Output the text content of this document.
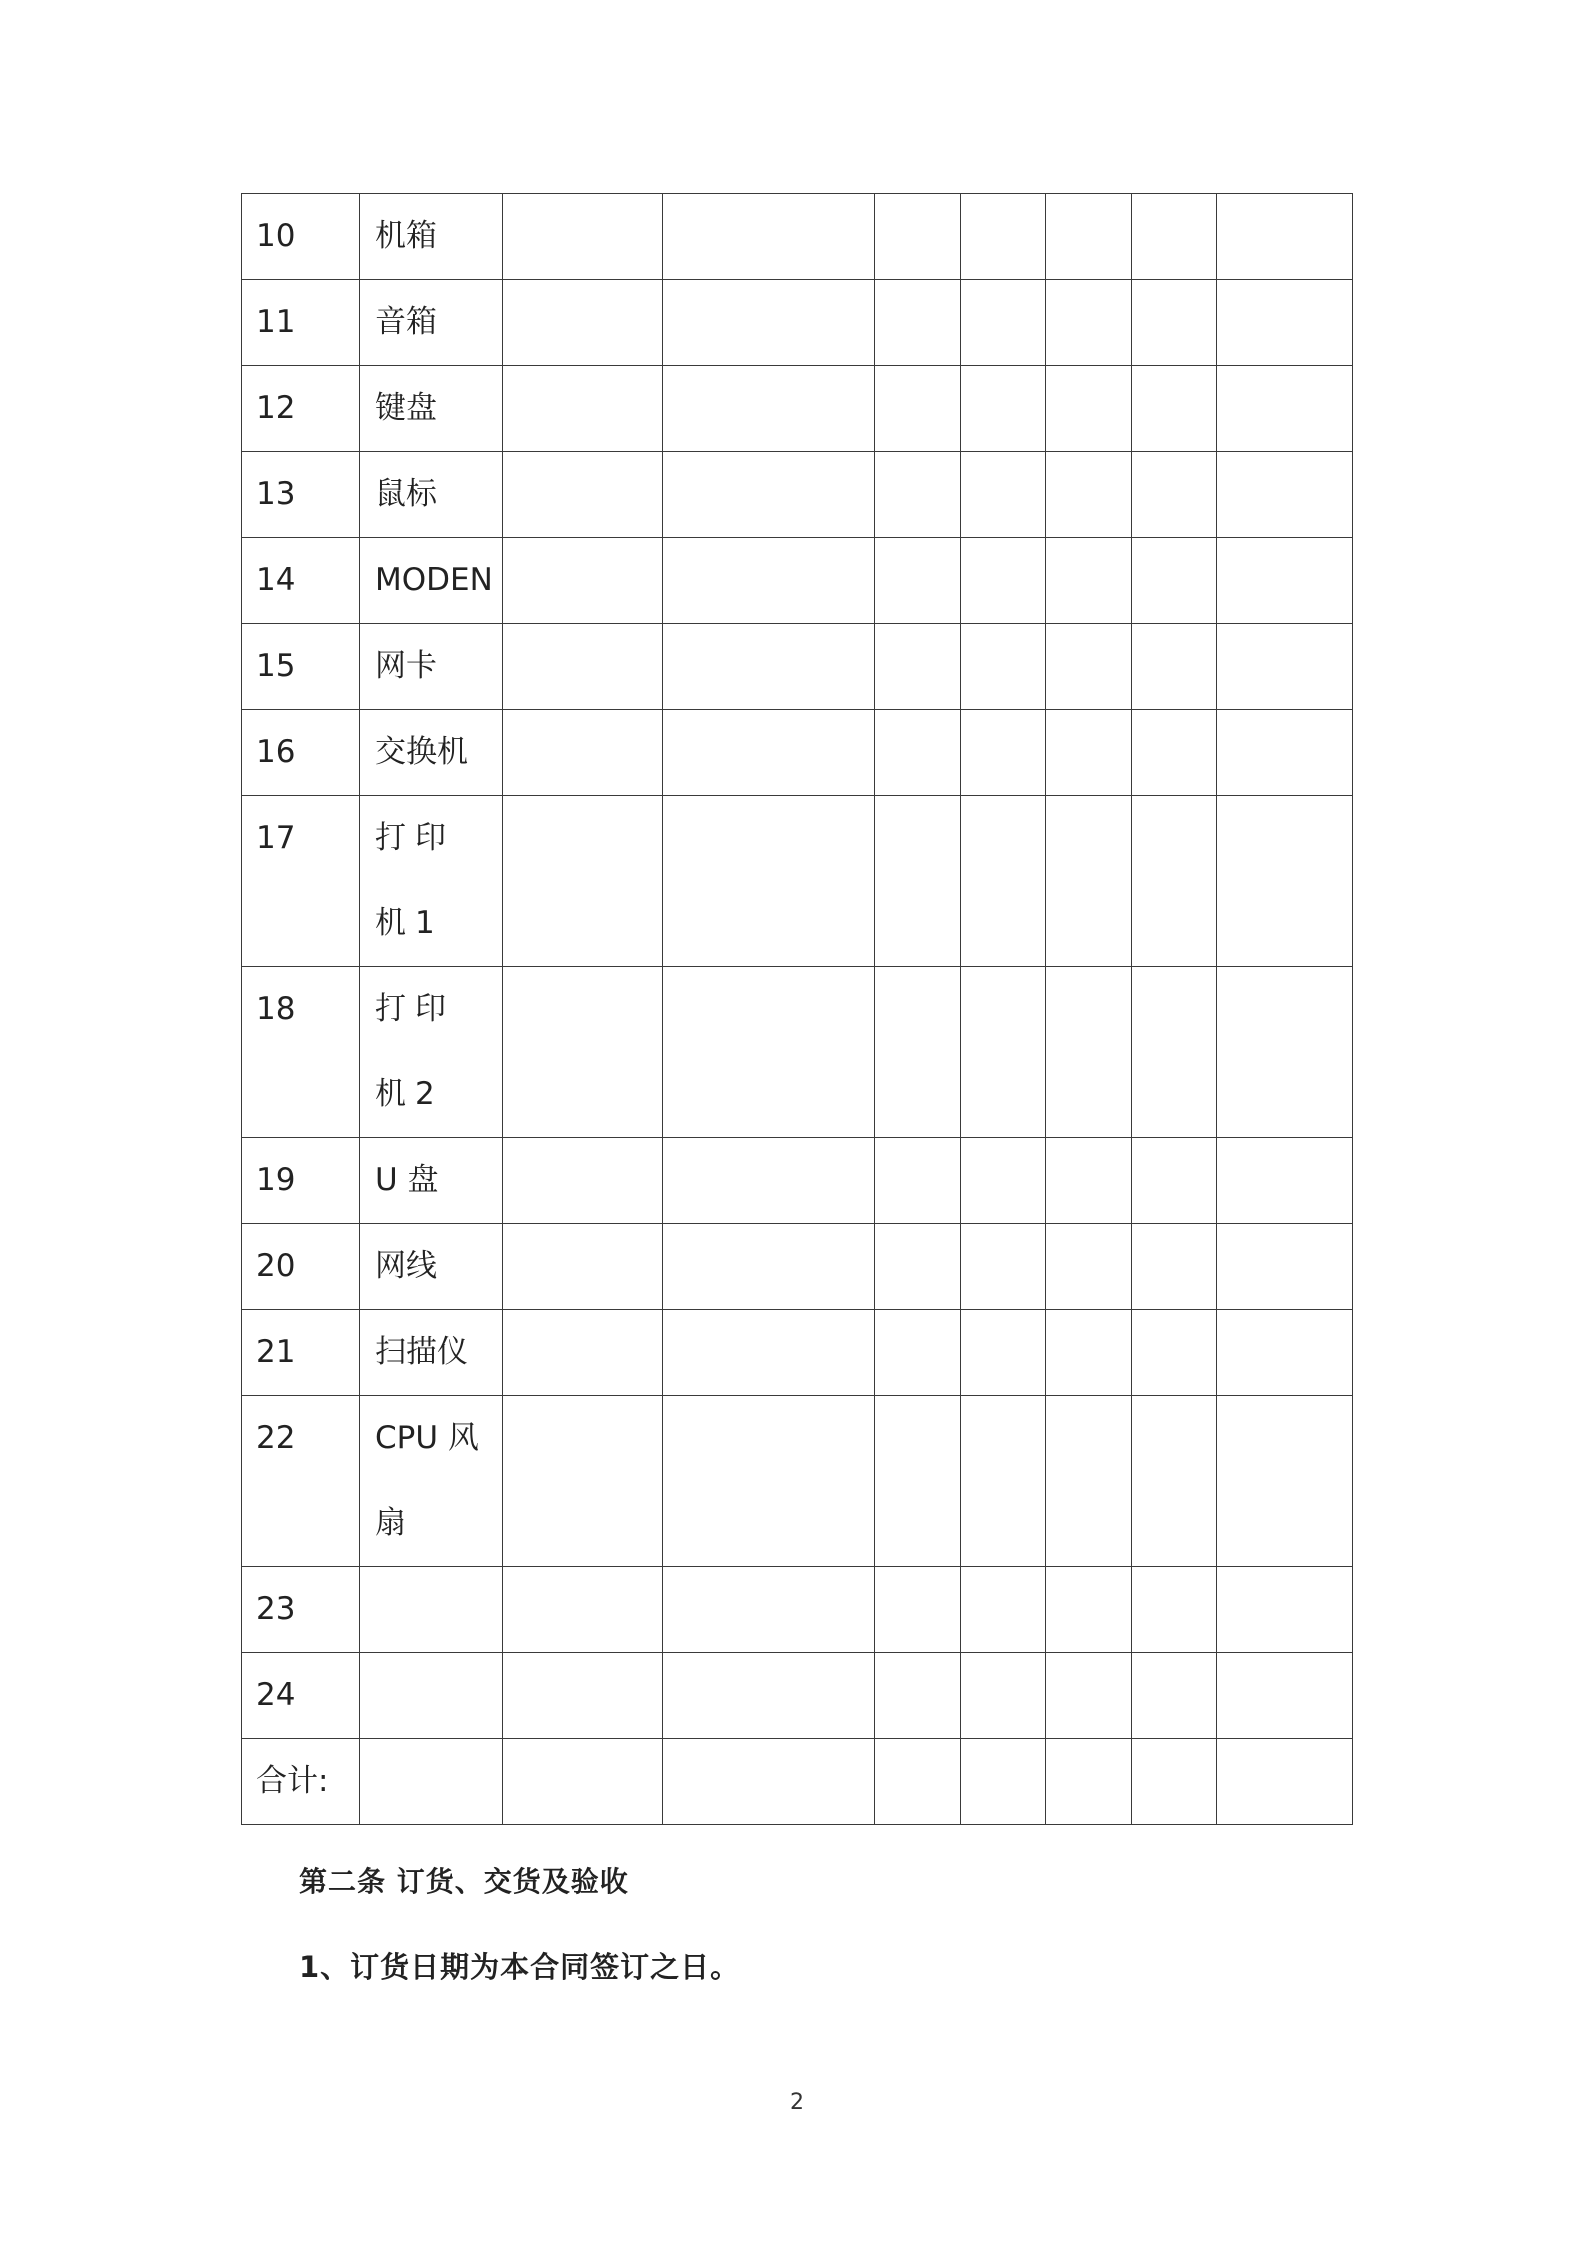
10	机箱							
11	音箱							
12	键盘							
13	鼠标							
14	MODEN							
15	网卡							
16	交换机							
17	打印机1							
18	打印机2							
19	U 盘							
20	网线							
21	扫描仪							
22	CPU 风扇							
23								
24								
合计:								
第二条 订货、交货及验收
1、订货日期为本合同签订之日。
2
